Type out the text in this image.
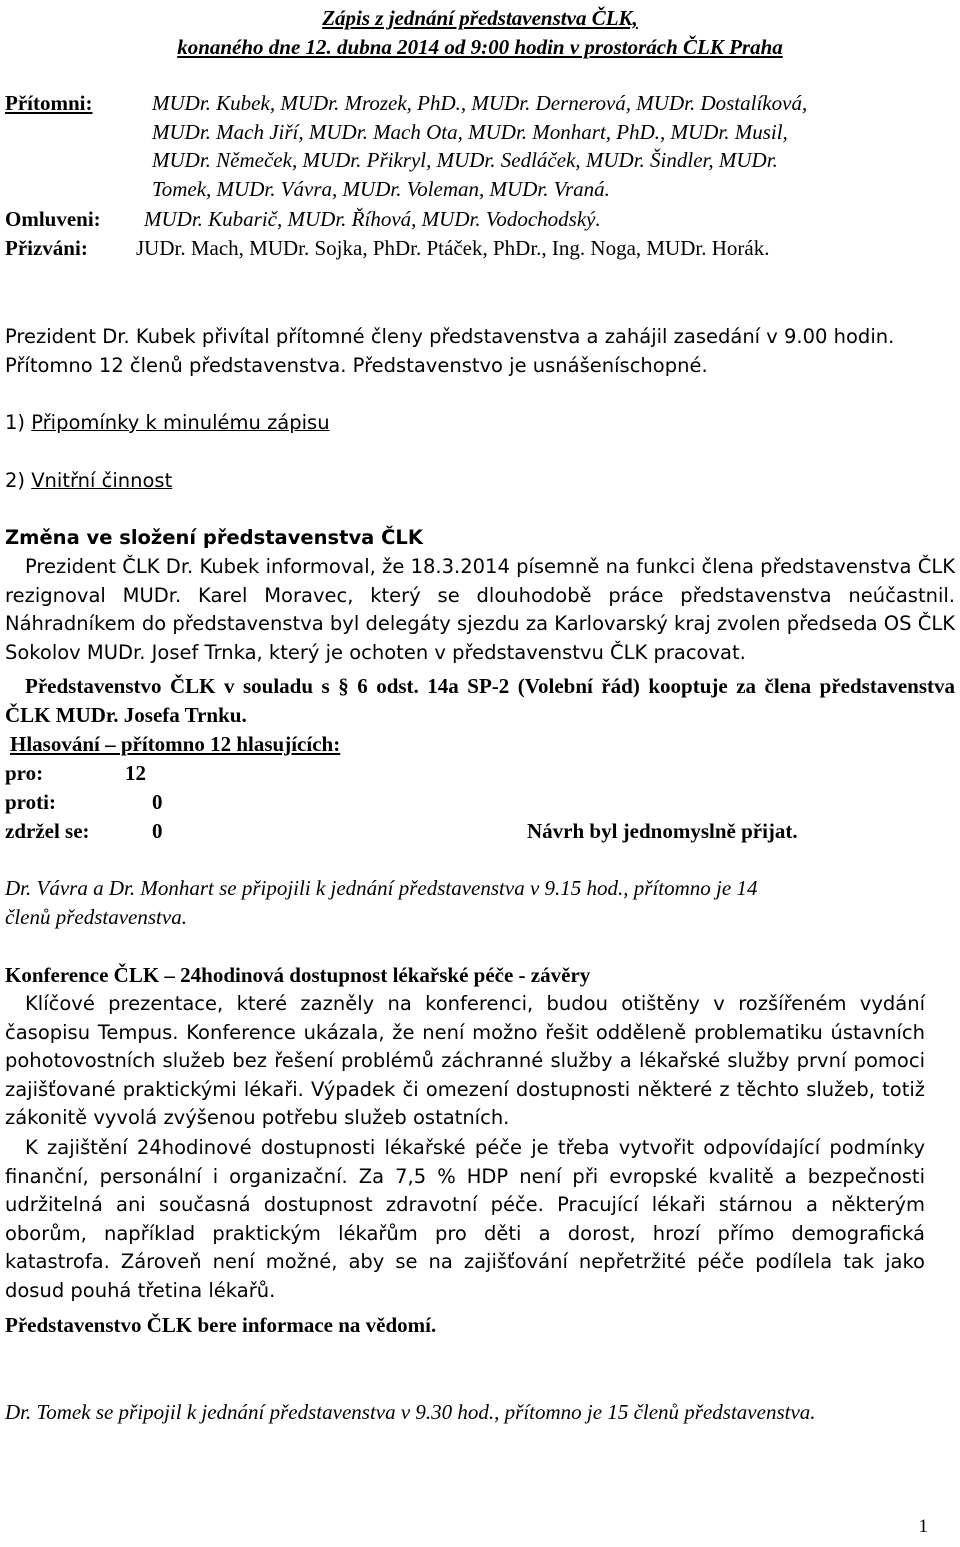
Zápis z jednání představenstva ČLK,
konaného dne 12. dubna 2014 od 9:00 hodin v prostorách ČLK Praha
Přítomni:	MUDr. Kubek, MUDr. Mrozek, PhD., MUDr. Dernerová, MUDr. Dostalíková,
MUDr. Mach Jiří, MUDr. Mach Ota, MUDr. Monhart, PhD., MUDr. Musil,
MUDr. Němeček, MUDr. Přikryl, MUDr. Sedláček, MUDr. Šindler, MUDr.
Tomek, MUDr. Vávra, MUDr. Voleman, MUDr. Vraná.
Omluveni: MUDr. Kubarič, MUDr. Říhová, MUDr. Vodochodský.
Přizváni: JUDr. Mach, MUDr. Sojka, PhDr. Ptáček, PhDr., Ing. Noga, MUDr. Horák.
Prezident Dr. Kubek přivítal přítomné členy představenstva a zahájil zasedání v 9.00 hodin.
Přítomno 12 členů představenstva. Představenstvo je usnášeníschopné.
1) Připomínky k minulému zápisu
2) Vnitřní činnost
Změna ve složení představenstva ČLK
Prezident ČLK Dr. Kubek informoval, že 18.3.2014 písemně na funkci člena představenstva ČLK rezignoval MUDr. Karel Moravec, který se dlouhodobě práce představenstva neúčastnil. Náhradníkem do představenstva byl delegáty sjezdu za Karlovarský kraj zvolen předseda OS ČLK Sokolov MUDr. Josef Trnka, který je ochoten v představenstvu ČLK pracovat.
Představenstvo ČLK v souladu s § 6 odst. 14a SP-2 (Volební řád) kooptuje za člena představenstva ČLK MUDr. Josefa Trnku.
Hlasování – přítomno 12 hlasujících:
pro:	12
proti:	0
zdržel se:	0	Návrh byl jednomyslně přijat.
Dr. Vávra a Dr. Monhart se připojili k jednání představenstva v 9.15 hod., přítomno je 14
členů představenstva.
Konference ČLK – 24hodinová dostupnost lékařské péče - závěry
Klíčové prezentace, které zazněly na konferenci, budou otištěny v rozšířeném vydání časopisu Tempus. Konference ukázala, že není možno řešit odděleně problematiku ústavních pohotovostních služeb bez řešení problémů záchranné služby a lékařské služby první pomoci zajišťované praktickými lékaři. Výpadek či omezení dostupnosti některé z těchto služeb, totiž zákonitě vyvolá zvýšenou potřebu služeb ostatních.
K zajištění 24hodinové dostupnosti lékařské péče je třeba vytvořit odpovídající podmínky finanční, personální i organizační. Za 7,5 % HDP není při evropské kvalitě a bezpečnosti udržitelná ani současná dostupnost zdravotní péče. Pracující lékaři stárnou a některým oborům, například praktickým lékařům pro děti a dorost, hrozí přímo demografická katastrofa. Zároveň není možné, aby se na zajišťování nepřetržité péče podílela tak jako dosud pouhá třetina lékařů.
Představenstvo ČLK bere informace na vědomí.
Dr. Tomek se připojil k jednání představenstva v 9.30 hod., přítomno je 15 členů představenstva.
1
